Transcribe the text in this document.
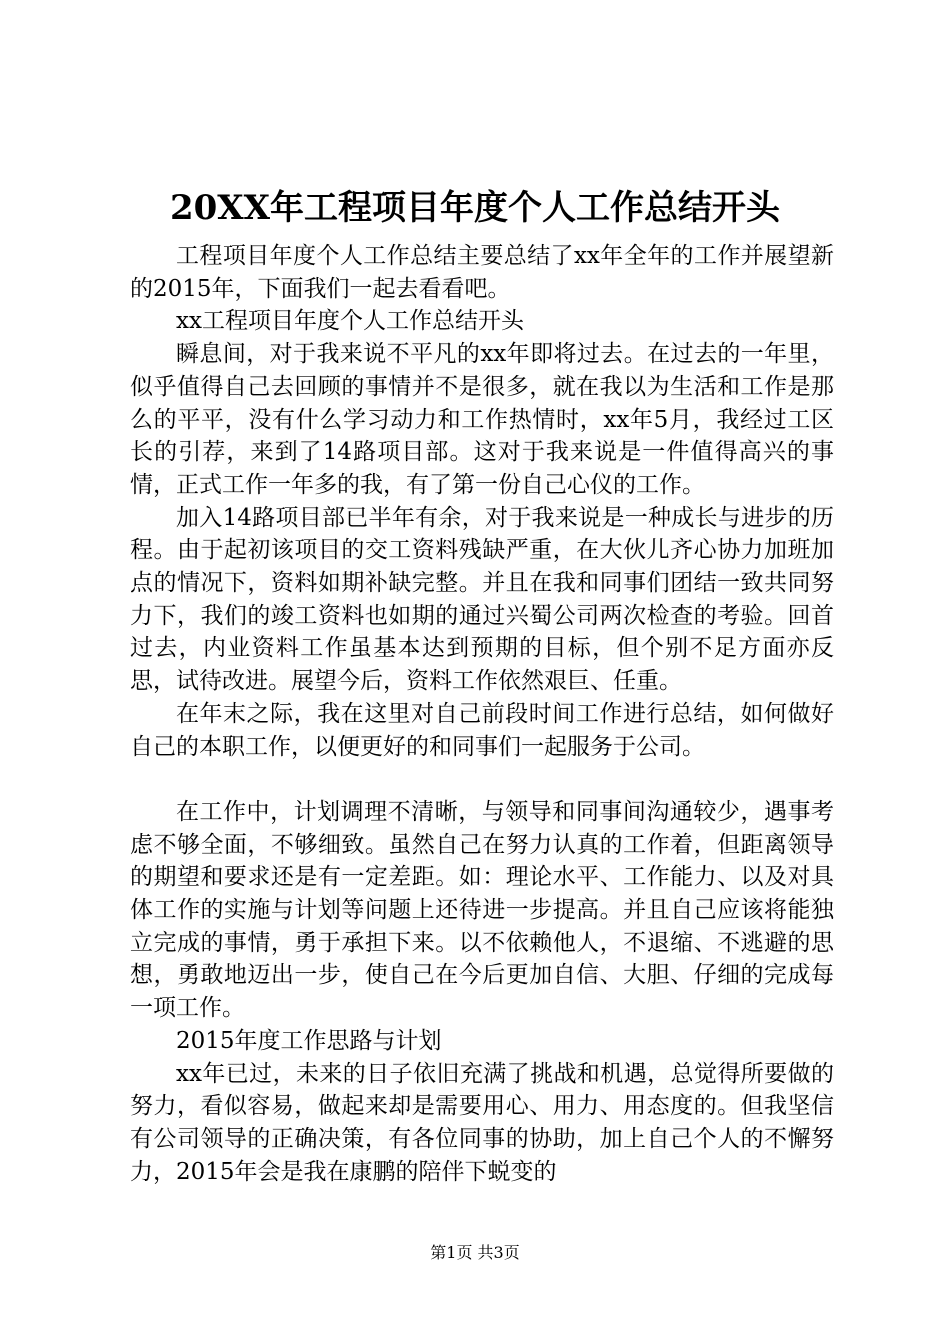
20XX年工程项目年度个人工作总结开头

工程项目年度个人工作总结主要总结了xx年全年的工作并展望新的2015年，下面我们一起去看看吧。

xx工程项目年度个人工作总结开头

瞬息间，对于我来说不平凡的xx年即将过去。在过去的一年里，似乎值得自己去回顾的事情并不是很多，就在我以为生活和工作是那么的平平，没有什么学习动力和工作热情时，xx年5月，我经过工区长的引荐，来到了14路项目部。这对于我来说是一件值得高兴的事情，正式工作一年多的我，有了第一份自己心仪的工作。

加入14路项目部已半年有余，对于我来说是一种成长与进步的历程。由于起初该项目的交工资料残缺严重，在大伙儿齐心协力加班加点的情况下，资料如期补缺完整。并且在我和同事们团结一致共同努力下，我们的竣工资料也如期的通过兴蜀公司两次检查的考验。回首过去，内业资料工作虽基本达到预期的目标，但个别不足方面亦反思，试待改进。展望今后，资料工作依然艰巨、任重。

在年末之际，我在这里对自己前段时间工作进行总结，如何做好自己的本职工作，以便更好的和同事们一起服务于公司。

在工作中，计划调理不清晰，与领导和同事间沟通较少，遇事考虑不够全面，不够细致。虽然自己在努力认真的工作着，但距离领导的期望和要求还是有一定差距。如：理论水平、工作能力、以及对具体工作的实施与计划等问题上还待进一步提高。并且自己应该将能独立完成的事情，勇于承担下来。以不依赖他人，不退缩、不逃避的思想，勇敢地迈出一步，使自己在今后更加自信、大胆、仔细的完成每一项工作。

2015年度工作思路与计划

xx年已过，未来的日子依旧充满了挑战和机遇，总觉得所要做的努力，看似容易，做起来却是需要用心、用力、用态度的。但我坚信有公司领导的正确决策，有各位同事的协助，加上自己个人的不懈努力，2015年会是我在康鹏的陪伴下蜕变的

第1页 共3页
